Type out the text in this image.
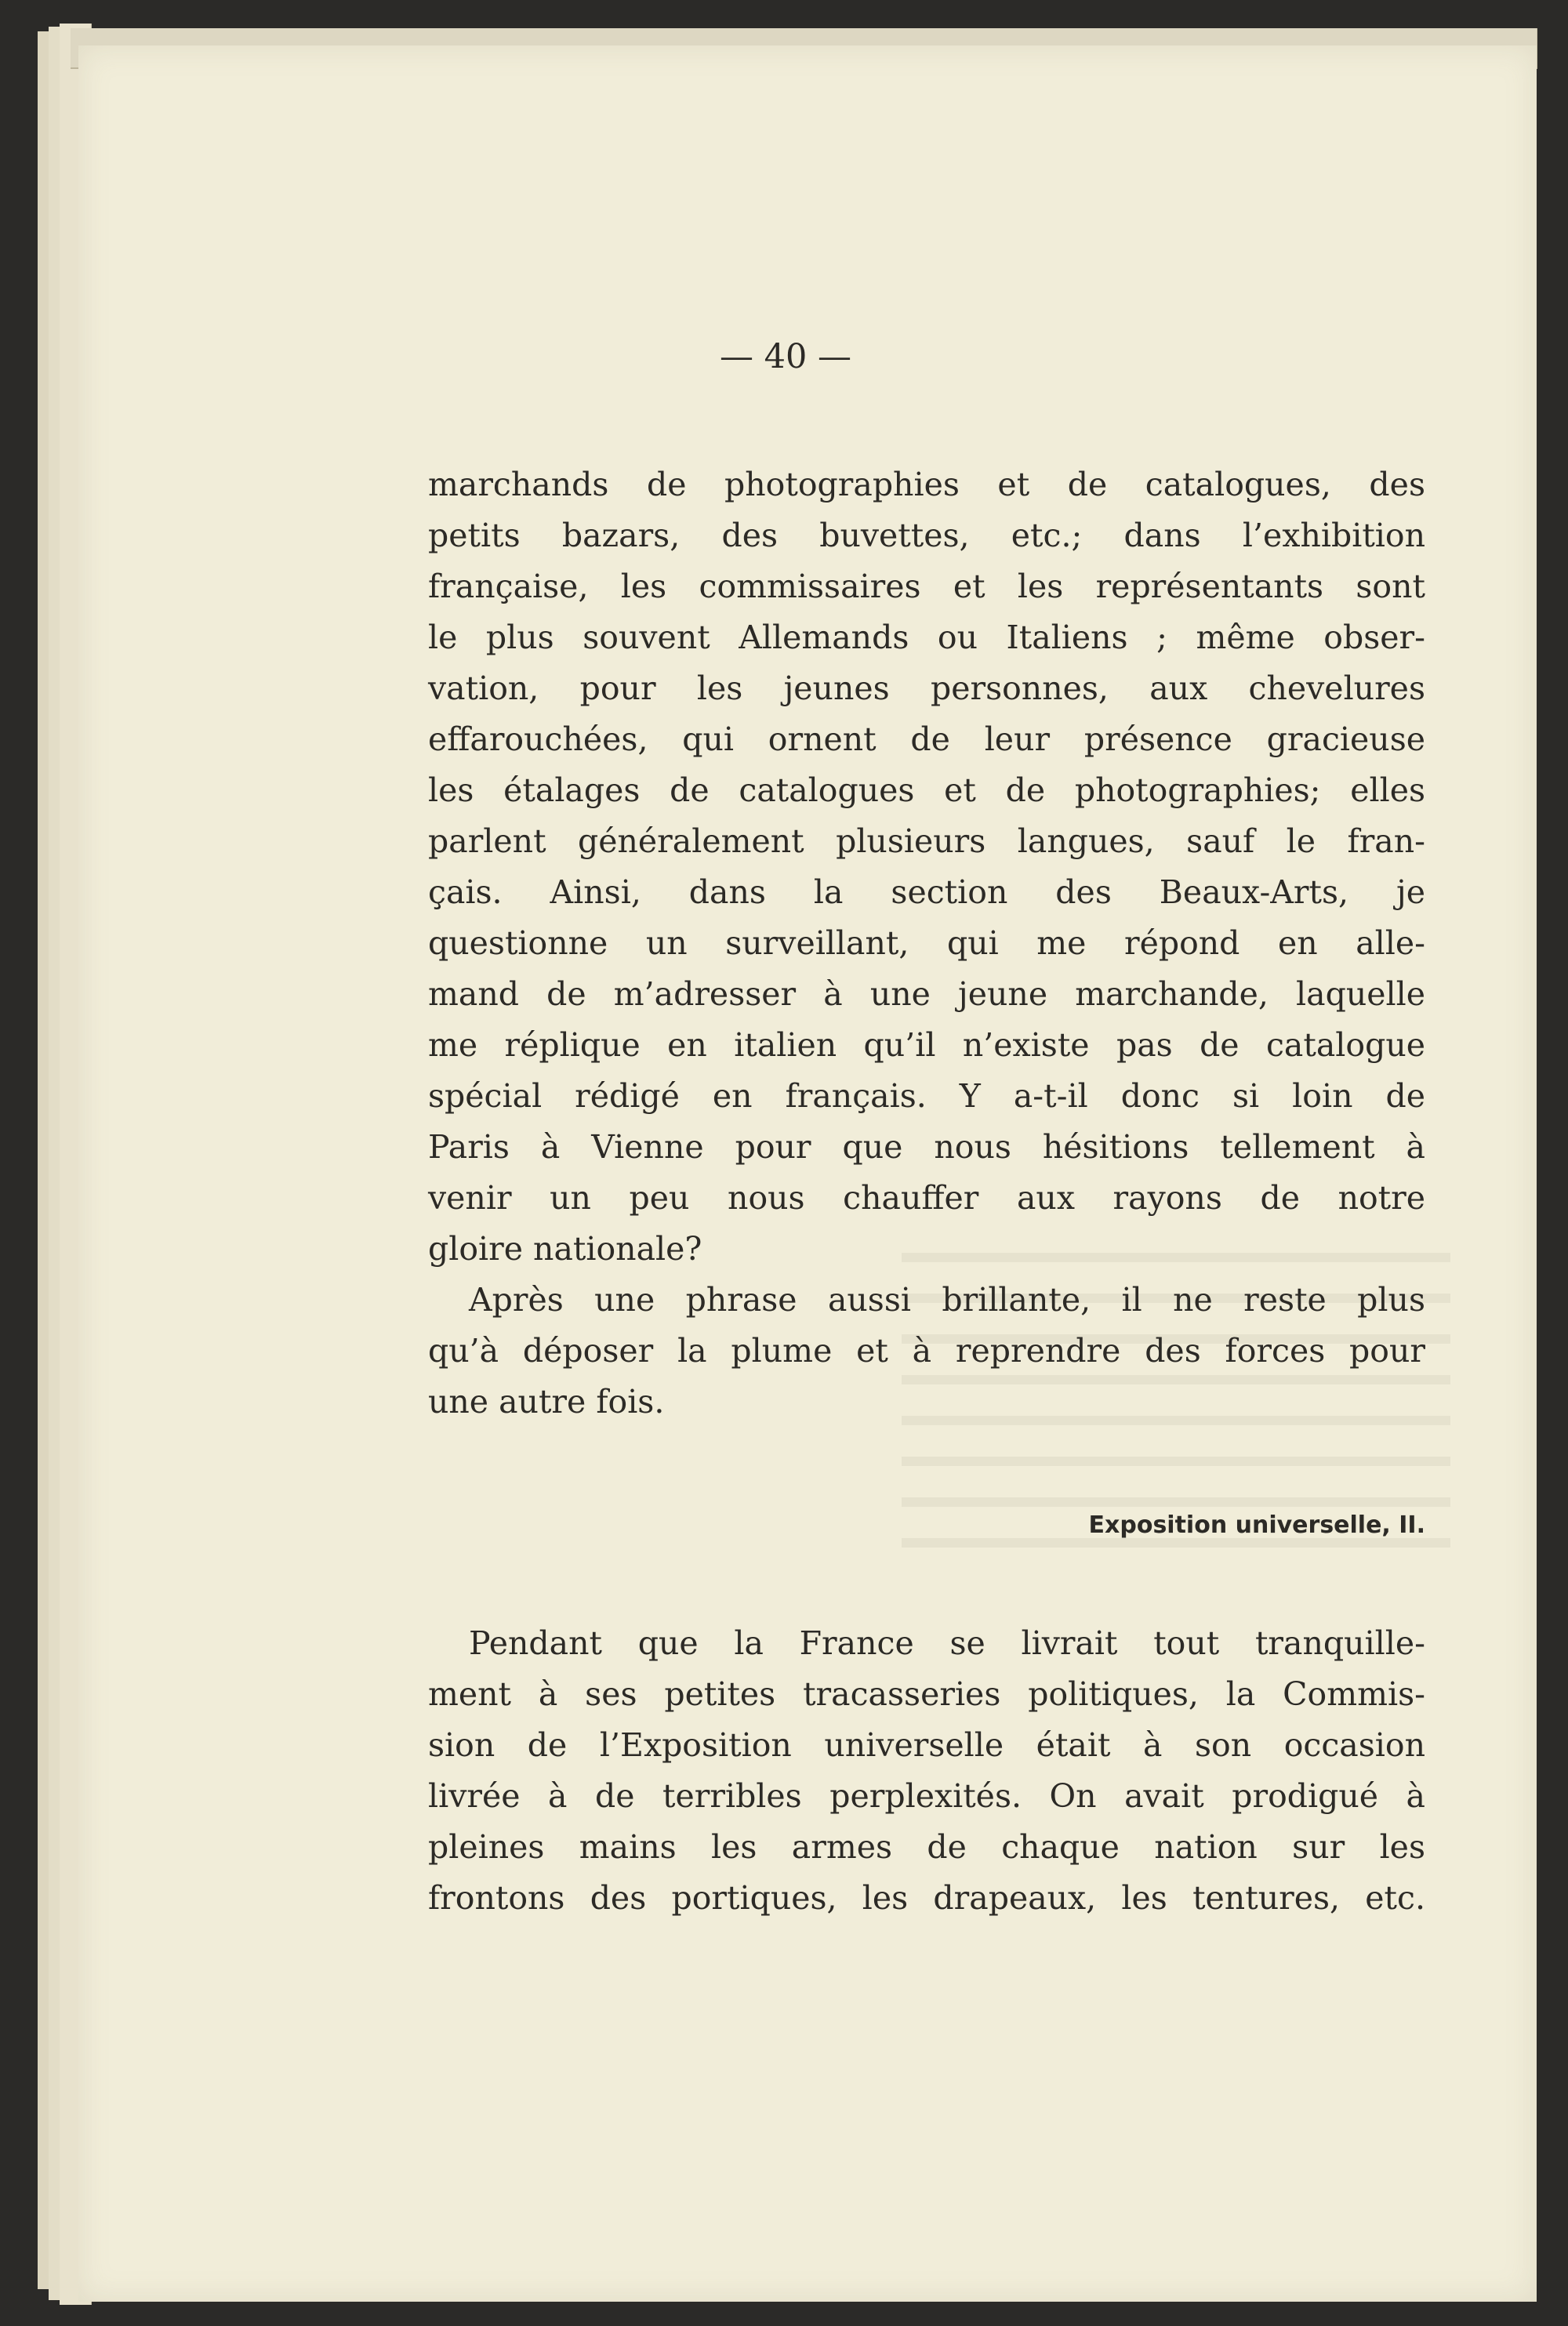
— 40 —

marchands de photographies et de catalogues, des
petits bazars, des buvettes, etc.; dans l’exhibition
française, les commissaires et les représentants sont
le plus souvent Allemands ou Italiens ; même obser-
vation, pour les jeunes personnes, aux chevelures
effarouchées, qui ornent de leur présence gracieuse
les étalages de catalogues et de photographies; elles
parlent généralement plusieurs langues, sauf le fran-
çais. Ainsi, dans la section des Beaux-Arts, je
questionne un surveillant, qui me répond en alle-
mand de m’adresser à une jeune marchande, laquelle
me réplique en italien qu’il n’existe pas de catalogue
spécial rédigé en français. Y a-t-il donc si loin de
Paris à Vienne pour que nous hésitions tellement à
venir un peu nous chauffer aux rayons de notre
gloire nationale?

Après une phrase aussi brillante, il ne reste plus
qu’à déposer la plume et à reprendre des forces pour
une autre fois.

Exposition universelle, II.

Pendant que la France se livrait tout tranquille-
ment à ses petites tracasseries politiques, la Commis-
sion de l’Exposition universelle était à son occasion
livrée à de terribles perplexités. On avait prodigué à
pleines mains les armes de chaque nation sur les
frontons des portiques, les drapeaux, les tentures, etc.
